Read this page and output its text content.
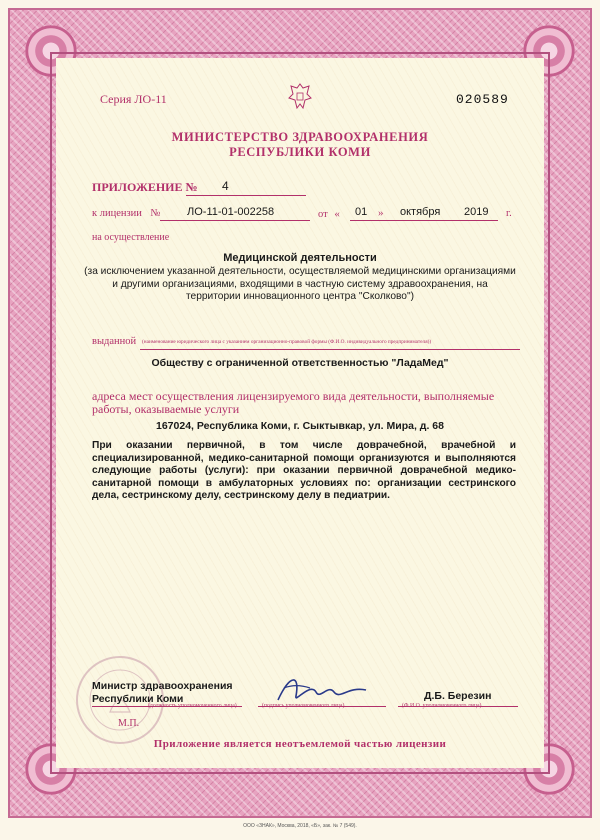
Серия ЛО-11	020589
МИНИСТЕРСТВО ЗДРАВООХРАНЕНИЯ
РЕСПУБЛИКИ КОМИ
ПРИЛОЖЕНИЕ № 4
к лицензии № ЛО-11-01-002258	от « 01 » октября 2019 г.
на осуществление
Медицинской деятельности
(за исключением указанной деятельности, осуществляемой медицинскими организациями и другими организациями, входящими в частную систему здравоохранения, на территории инновационного центра "Сколково")
выданной (наименование юридического лица с указанием организационно-правовой формы (Ф.И.О. индивидуального предпринимателя))
Обществу с ограниченной ответственностью "ЛадаМед"
адреса мест осуществления лицензируемого вида деятельности, выполняемые работы, оказываемые услуги
167024, Республика Коми, г. Сыктывкар, ул. Мира, д. 68
При оказании первичной, в том числе доврачебной, врачебной и специализированной, медико-санитарной помощи организуются и выполняются следующие работы (услуги): при оказании первичной доврачебной медико-санитарной помощи в амбулаторных условиях по: организации сестринского дела, сестринскому делу, сестринскому делу в педиатрии.
Министр здравоохранения
Республики Коми	Д.Б. Березин
(должность уполномоченного лица)	(подпись уполномоченного лица)	(Ф.И.О. уполномоченного лица)
М.П.
Приложение является неотъемлемой частью лицензии
ООО «ЗНАК», Москва, 2018, «Б», зак. № 7 (549).
